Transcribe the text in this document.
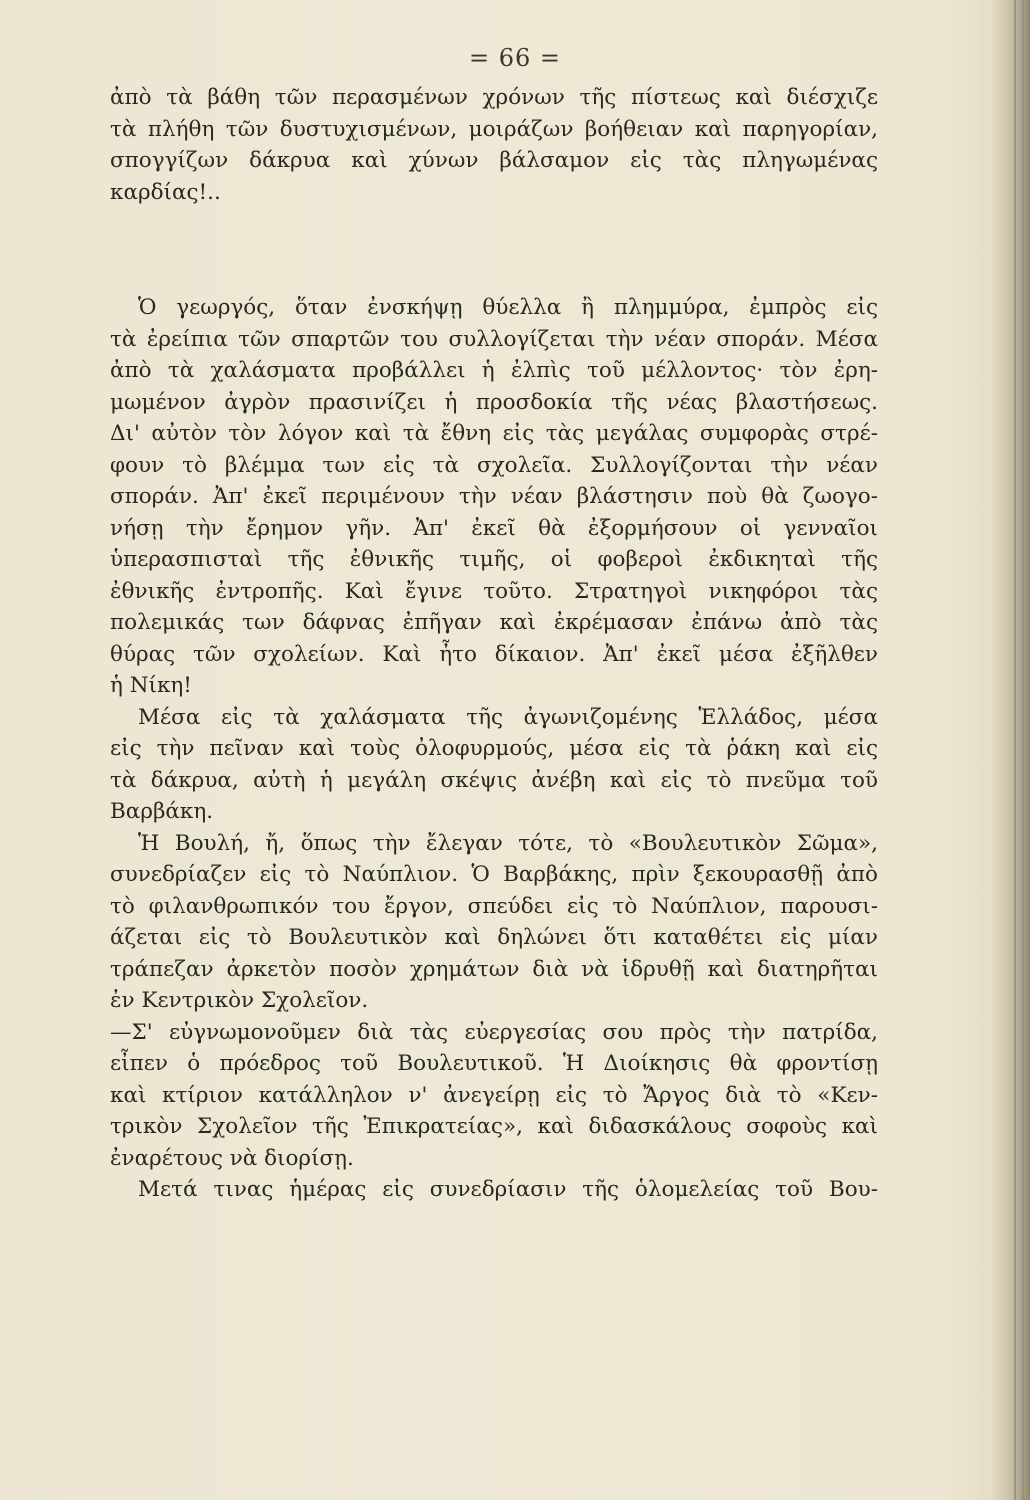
= 66 =
ἀπὸ τὰ βάθη τῶν περασμένων χρόνων τῆς πίστεως καὶ διέσχιζε
τὰ πλήθη τῶν δυστυχισμένων, μοιράζων βοήθειαν καὶ παρηγορίαν,
σπογγίζων δάκρυα καὶ χύνων βάλσαμον εἰς τὰς πληγωμένας
καρδίας!..
Ὁ γεωργός, ὅταν ἐνσκήψῃ θύελλα ἢ πλημμύρα, ἐμπρὸς εἰς
τὰ ἐρείπια τῶν σπαρτῶν του συλλογίζεται τὴν νέαν σποράν. Μέσα
ἀπὸ τὰ χαλάσματα προβάλλει ἡ ἐλπὶς τοῦ μέλλοντος· τὸν ἐρη-
μωμένον ἀγρὸν πρασινίζει ἡ προσδοκία τῆς νέας βλαστήσεως.
Δι' αὐτὸν τὸν λόγον καὶ τὰ ἔθνη εἰς τὰς μεγάλας συμφορὰς στρέ-
φουν τὸ βλέμμα των εἰς τὰ σχολεῖα. Συλλογίζονται τὴν νέαν
σποράν. Ἀπ' ἐκεῖ περιμένουν τὴν νέαν βλάστησιν ποὺ θὰ ζωογο-
νήσῃ τὴν ἔρημον γῆν. Ἀπ' ἐκεῖ θὰ ἐξορμήσουν οἱ γενναῖοι
ὑπερασπισταὶ τῆς ἐθνικῆς τιμῆς, οἱ φοβεροὶ ἐκδικηταὶ τῆς
ἐθνικῆς ἐντροπῆς. Καὶ ἔγινε τοῦτο. Στρατηγοὶ νικηφόροι τὰς
πολεμικάς των δάφνας ἐπῆγαν καὶ ἐκρέμασαν ἐπάνω ἀπὸ τὰς
θύρας τῶν σχολείων. Καὶ ἦτο δίκαιον. Ἀπ' ἐκεῖ μέσα ἐξῆλθεν
ἡ Νίκη!
Μέσα εἰς τὰ χαλάσματα τῆς ἀγωνιζομένης Ἑλλάδος, μέσα
εἰς τὴν πεῖναν καὶ τοὺς ὀλοφυρμούς, μέσα εἰς τὰ ῥάκη καὶ εἰς
τὰ δάκρυα, αὐτὴ ἡ μεγάλη σκέψις ἀνέβη καὶ εἰς τὸ πνεῦμα τοῦ
Βαρβάκη.
Ἡ Βουλή, ἤ, ὅπως τὴν ἔλεγαν τότε, τὸ «Βουλευτικὸν Σῶμα»,
συνεδρίαζεν εἰς τὸ Ναύπλιον. Ὁ Βαρβάκης, πρὶν ξεκουρασθῇ ἀπὸ
τὸ φιλανθρωπικόν του ἔργον, σπεύδει εἰς τὸ Ναύπλιον, παρουσι-
άζεται εἰς τὸ Βουλευτικὸν καὶ δηλώνει ὅτι καταθέτει εἰς μίαν
τράπεζαν ἀρκετὸν ποσὸν χρημάτων διὰ νὰ ἱδρυθῇ καὶ διατηρῆται
ἐν Κεντρικὸν Σχολεῖον.
—Σ' εὐγνωμονοῦμεν διὰ τὰς εὐεργεσίας σου πρὸς τὴν πατρίδα,
εἶπεν ὁ πρόεδρος τοῦ Βουλευτικοῦ. Ἡ Διοίκησις θὰ φροντίσῃ
καὶ κτίριον κατάλληλον ν' ἀνεγείρῃ εἰς τὸ Ἄργος διὰ τὸ «Κεν-
τρικὸν Σχολεῖον τῆς Ἐπικρατείας», καὶ διδασκάλους σοφοὺς καὶ
ἐναρέτους νὰ διορίσῃ.
Μετά τινας ἡμέρας εἰς συνεδρίασιν τῆς ὁλομελείας τοῦ Βου-
